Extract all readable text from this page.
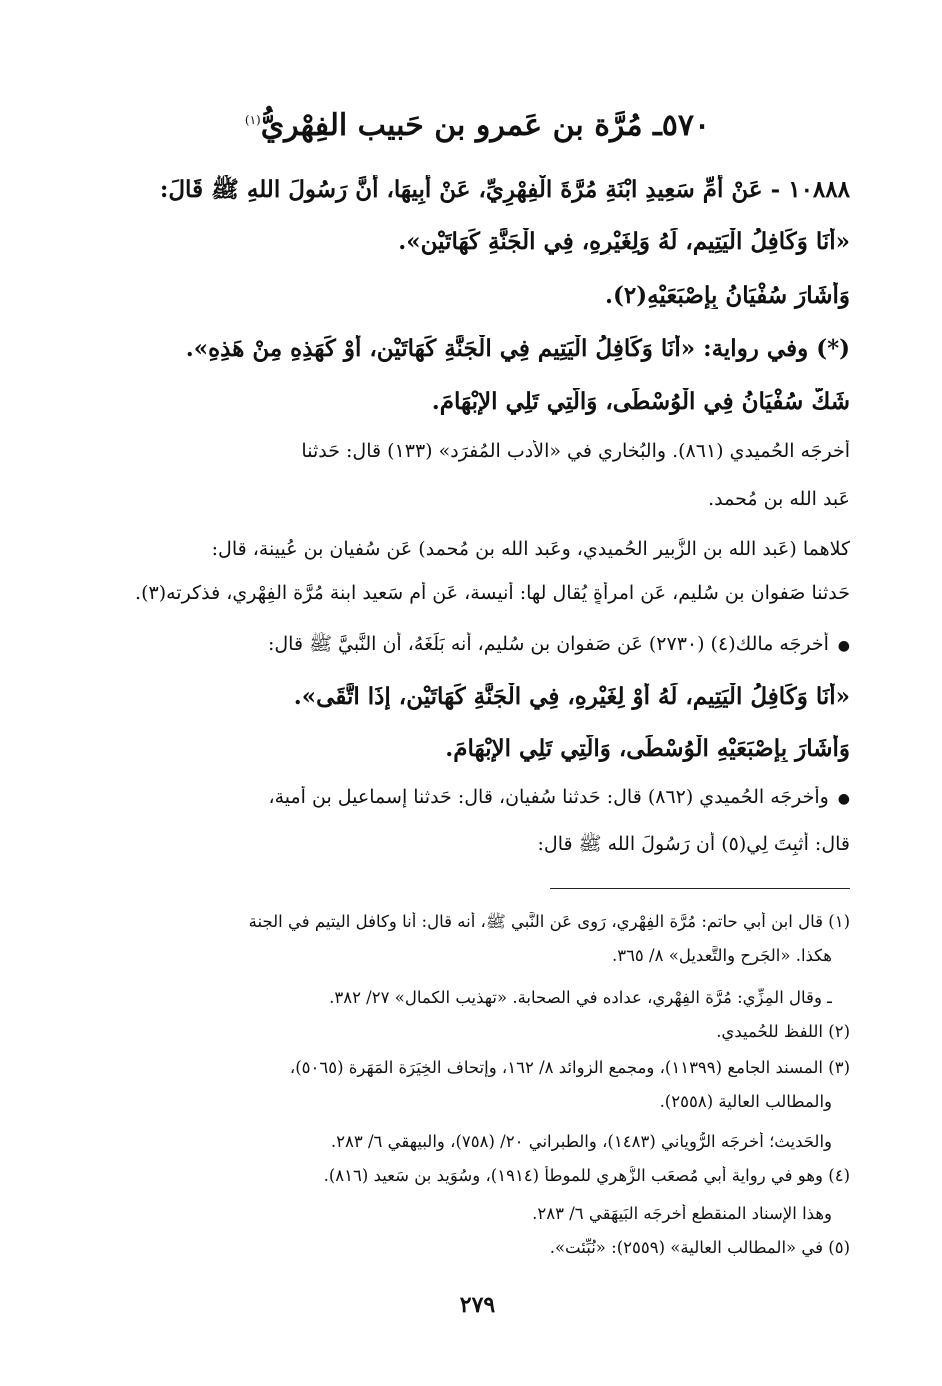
٥٧٠ـ مُرَّة بن عَمرو بن حَبيب الفِهْريُّ$^{(١)}$
١٠٨٨٨ - عَنْ أُمِّ سَعِيدِ ابْنَةِ مُرَّةَ الْفِهْرِيِّ، عَنْ أَبِيهَا، أَنَّ رَسُولَ اللهِ ﷺ قَالَ:
«أَنَا وَكَافِلُ الْيَتِيمِ، لَهُ وَلِغَيْرِهِ، فِي الْجَنَّةِ كَهَاتَيْنِ».
وَأَشَارَ سُفْيَانُ بِإِصْبَعَيْهِ(٢).
(*) وفي رواية: «أَنَا وَكَافِلُ الْيَتِيمِ فِي الْجَنَّةِ كَهَاتَيْنِ، أَوْ كَهَذِهِ مِنْ هَذِهِ».
شَكَّ سُفْيَانُ فِي الْوُسْطَى، وَالَّتِي تَلِي الإِبْهَامَ.
أخرجَه الحُميدي (٨٦١). والبُخاري في «الأَدب المُفرَد» (١٣٣) قال: حَدثنا
عَبد الله بن مُحمد.
كلاهما (عَبد الله بن الزُّبير الحُميدي، وعَبد الله بن مُحمد) عَن سُفيان بن عُيينة، قال:
حَدثنا صَفوان بن سُليم، عَن امرأةٍ يُقال لها: أُنيسة، عَن أُم سَعيد ابنة مُرَّة الفِهْري، فذكرته(٣).
●  أخرجَه مالك(٤) (٢٧٣٠) عَن صَفوان بن سُليم، أنه بَلَغَهُ، أَن النَّبيَّ ﷺ قال:
«أَنَا وَكَافِلُ الْيَتِيمِ، لَهُ أَوْ لِغَيْرِهِ، فِي الْجَنَّةِ كَهَاتَيْنِ، إِذَا اتَّقَى».
وَأَشَارَ بِإِصْبَعَيْهِ الْوُسْطَى، وَالَّتِي تَلِي الإِبْهَامَ.
●  وأخرجَه الحُميدي (٨٦٢) قال: حَدثنا سُفيان، قال: حَدثنا إِسماعيل بن أُمية،
قال: أُثبِتَ لِي(٥) أَن رَسُولَ الله ﷺ قال:
(١) قال ابن أَبي حاتم: مُرَّة الفِهْري، رَوى عَن النَّبي ﷺ، أنه قال: أنا وكافل اليتيم في الجنة
هكذا. «الجَرح والتَّعديل» ٨/ ٣٦٥.
ـ وقال المِزِّي: مُرَّة الفِهْري، عداده في الصحابة. «تهذيب الكمال» ٢٧/ ٣٨٢.
(٢) اللفظ للحُميدي.
(٣) المسند الجامع (١١٣٩٩)، ومجمع الزوائد ٨/ ١٦٢، وإتحاف الخِيَرَة المَهَرة (٥٠٦٥)،
والمطالب العالية (٢٥٥٨).
والحَديث؛ أَخرجَه الرُّوياني (١٤٨٣)، والطبراني ٢٠/ (٧٥٨)، والبيهقي ٦/ ٢٨٣.
(٤) وهو في رواية أَبي مُصعَب الزُّهري للموطأ (١٩١٤)، وسُوَيد بن سَعيد (٨١٦).
وهذا الإِسناد المنقطع أَخرجَه البَيهَقي ٦/ ٢٨٣.
(٥) في «المطالب العالية» (٢٥٥٩): «نُبِّئت».
٢٧٩
